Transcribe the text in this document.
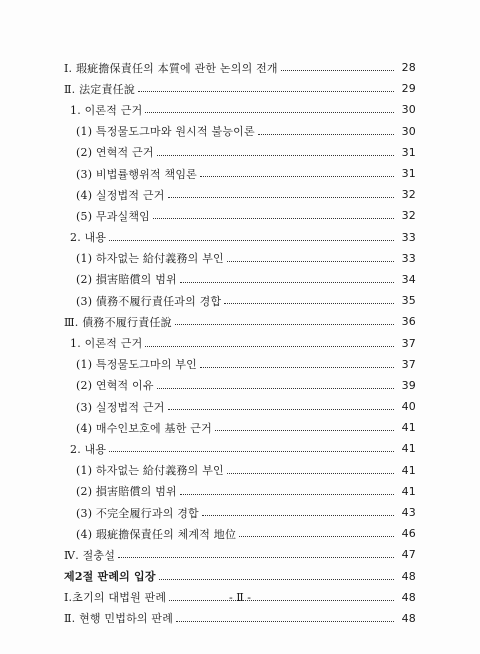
Ⅰ. 瑕疵擔保責任의 本質에 관한 논의의 전개	28
Ⅱ. 法定責任說	29
1. 이론적 근거	30
(1) 특정물도그마와 원시적 불능이론	30
(2) 연혁적 근거	31
(3) 비법률행위적 책임론	31
(4) 실정법적 근거	32
(5) 무과실책임	32
2. 내용	33
(1) 하자없는 給付義務의 부인	33
(2) 損害賠償의 범위	34
(3) 債務不履行責任과의 경합	35
Ⅲ. 債務不履行責任說	36
1. 이론적 근거	37
(1) 특정물도그마의 부인	37
(2) 연혁적 이유	39
(3) 실정법적 근거	40
(4) 매수인보호에 基한 근거	41
2. 내용	41
(1) 하자없는 給付義務의 부인	41
(2) 損害賠償의 범위	41
(3) 不完全履行과의 경합	43
(4) 瑕疵擔保責任의 체계적 地位	46
Ⅳ. 절충설	47
제2절 판례의 입장	48
Ⅰ.초기의 대법원 판례	48
Ⅱ. 현행 민법하의 판례	48
- Ⅱ -
